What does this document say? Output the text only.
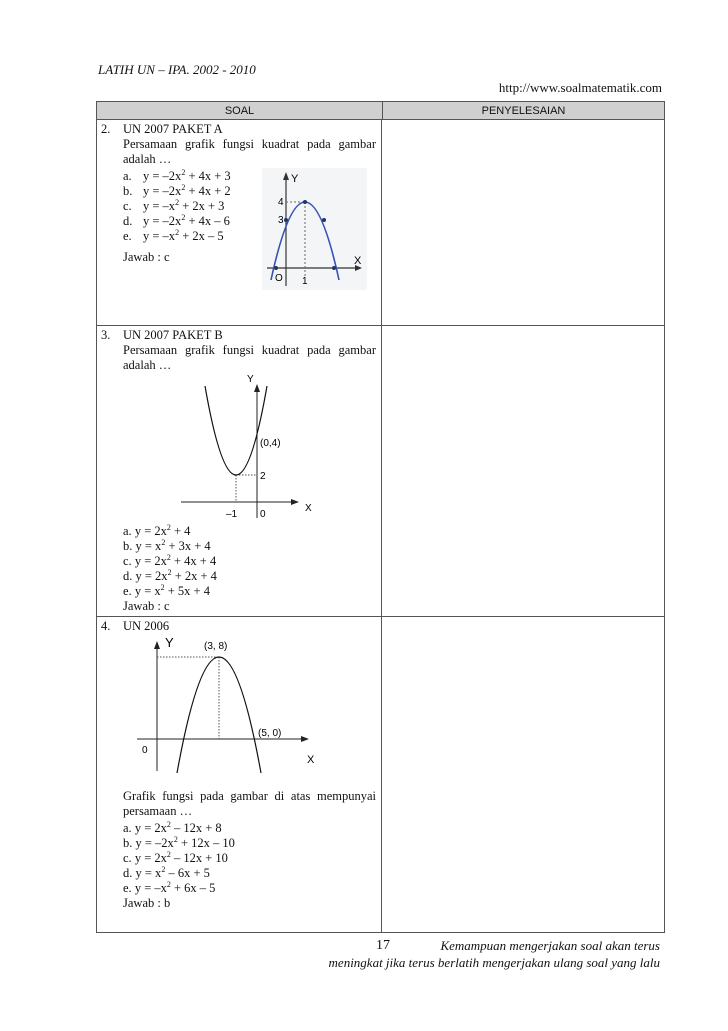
LATIH UN – IPA. 2002 - 2010
http://www.soalmatematik.com
SOAL	PENYELESAIAN
2. UN 2007 PAKET A
Persamaan grafik fungsi kuadrat pada gambar adalah …
a. $y = -2x^2 + 4x + 3$
b. $y = -2x^2 + 4x + 2$
c. $y = -x^2 + 2x + 3$
d. $y = -2x^2 + 4x - 6$
e. $y = -x^2 + 2x - 5$
Jawab : c
Y
X
4
3
O 1
3. UN 2007 PAKET B
Persamaan grafik fungsi kuadrat pada gambar adalah …
Y
X
(0,4)
2
–1 0
a. $y = 2x^2 + 4$
b. $y = x^2 + 3x + 4$
c. $y = 2x^2 + 4x + 4$
d. $y = 2x^2 + 2x + 4$
e. $y = x^2 + 5x + 4$
Jawab : c
4. UN 2006
Y
X
(3, 8)
(5, 0)
0
Grafik fungsi pada gambar di atas mempunyai persamaan …
a. $y = 2x^2 - 12x + 8$
b. $y = -2x^2 + 12x - 10$
c. $y = 2x^2 - 12x + 10$
d. $y = x^2 - 6x + 5$
e. $y = -x^2 + 6x - 5$
Jawab : b
17	Kemampuan mengerjakan soal akan terus
meningkat jika terus berlatih mengerjakan ulang soal yang lalu
